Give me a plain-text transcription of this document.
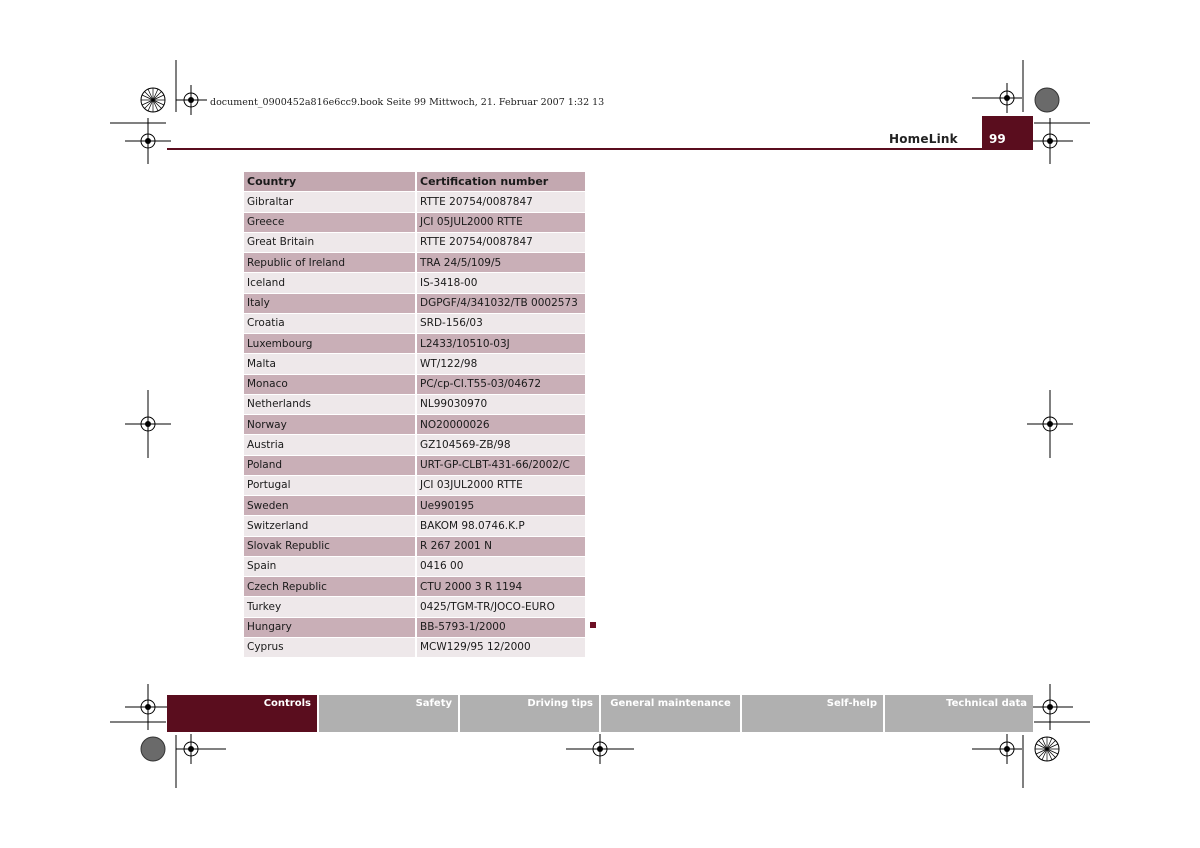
document_0900452a816e6cc9.book Seite 99 Mittwoch, 21. Februar 2007 1:32 13
HomeLink	99
Country	Certification number
Gibraltar	RTTE 20754/0087847
Greece	JCI 05JUL2000 RTTE
Great Britain	RTTE 20754/0087847
Republic of Ireland	TRA 24/5/109/5
Iceland	IS-3418-00
Italy	DGPGF/4/341032/TB 0002573
Croatia	SRD-156/03
Luxembourg	L2433/10510-03J
Malta	WT/122/98
Monaco	PC/cp-CI.T55-03/04672
Netherlands	NL99030970
Norway	NO20000026
Austria	GZ104569-ZB/98
Poland	URT-GP-CLBT-431-66/2002/C
Portugal	JCI 03JUL2000 RTTE
Sweden	Ue990195
Switzerland	BAKOM 98.0746.K.P
Slovak Republic	R 267 2001 N
Spain	0416 00
Czech Republic	CTU 2000 3 R 1194
Turkey	0425/TGM-TR/JOCO-EURO
Hungary	BB-5793-1/2000
Cyprus	MCW129/95 12/2000
Controls	Safety	Driving tips	General maintenance	Self-help	Technical data
